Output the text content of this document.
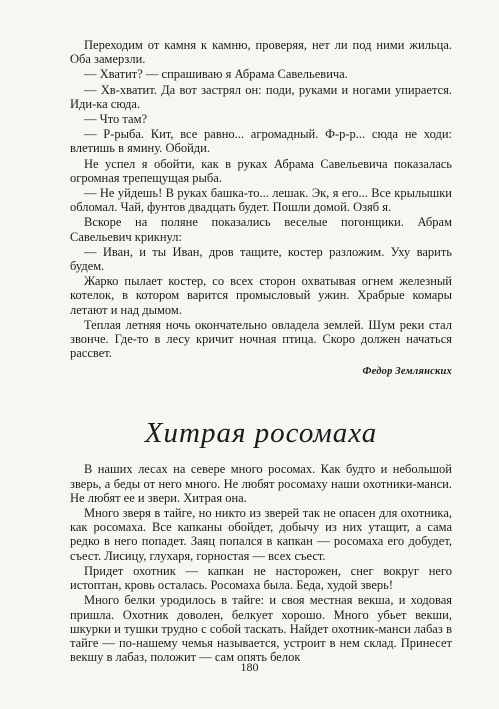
Переходим от камня к камню, проверяя, нет ли под ними жильца. Оба замерзли.

— Хватит? — спрашиваю я Абрама Савельевича.

— Хв-хватит. Да вот застрял он: поди, руками и ногами упирается. Иди-ка сюда.

— Что там?

— Р-рыба. Кит, все равно... агромадный. Ф-р-р... сюда не ходи: влетишь в ямину. Обойди.

Не успел я обойти, как в руках Абрама Савельевича показалась огромная трепещущая рыба.

— Не уйдешь! В руках башка-то... лешак. Эк, я его... Все крылышки обломал. Чай, фунтов двадцать будет. Пошли домой. Озяб я.

Вскоре на поляне показались веселые погонщики. Абрам Савельевич крикнул:

— Иван, и ты Иван, дров тащите, костер разложим. Уху варить будем.

Жарко пылает костер, со всех сторон охватывая огнем железный котелок, в котором варится промысловый ужин. Храбрые комары летают и над дымом.

Теплая летняя ночь окончательно овладела землей. Шум реки стал звонче. Где-то в лесу кричит ночная птица. Скоро должен начаться рассвет.

Федор Землянских
Хитрая росомаха

В наших лесах на севере много росомах. Как будто и небольшой зверь, а беды от него много. Не любят росомаху наши охотники-манси. Не любят ее и звери. Хитрая она.

Много зверя в тайге, но никто из зверей так не опасен для охотника, как росомаха. Все капканы обойдет, добычу из них утащит, а сама редко в него попадет. Заяц попался в капкан — росомаха его добудет, съест. Лисицу, глухаря, горностая — всех съест.

Придет охотник — капкан не насторожен, снег вокруг него истоптан, кровь осталась. Росомаха была. Беда, худой зверь!

Много белки уродилось в тайге: и своя местная векша, и ходовая пришла. Охотник доволен, белкует хорошо. Много убьет векши, шкурки и тушки трудно с собой таскать. Найдет охотник-манси лабаз в тайге — по-нашему чемья называется, устроит в нем склад. Принесет векшу в лабаз, положит — сам опять белок

180
